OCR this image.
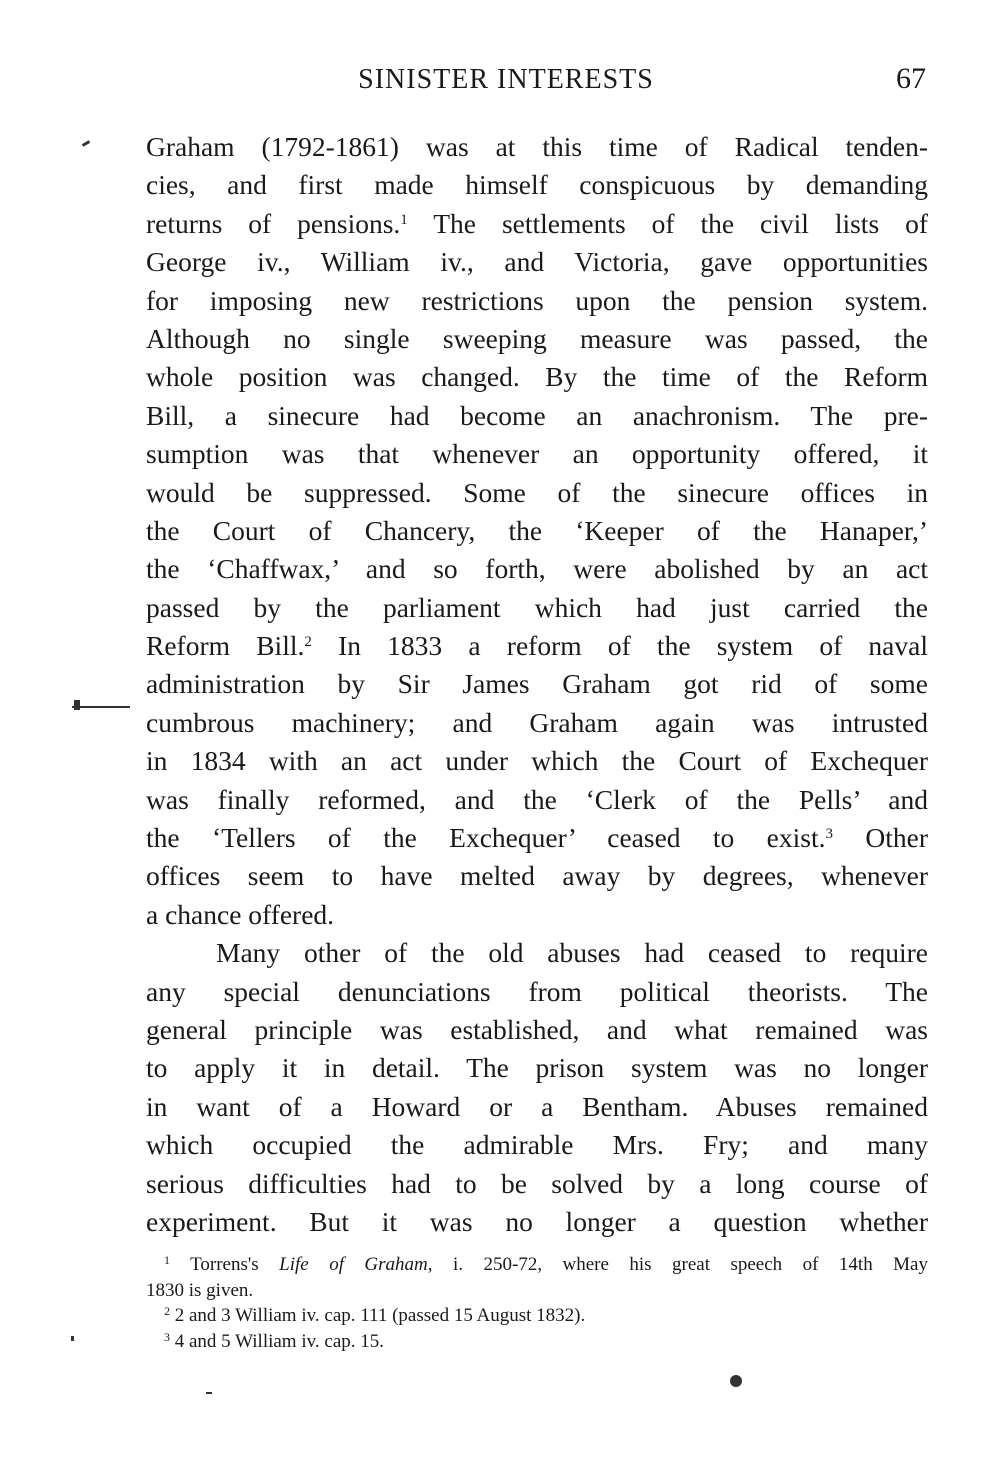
SINISTER INTERESTS	67
Graham (1792-1861) was at this time of Radical tenden-
cies, and first made himself conspicuous by demanding
returns of pensions.$^1$ The settlements of the civil lists of
George iv., William iv., and Victoria, gave opportunities
for imposing new restrictions upon the pension system.
Although no single sweeping measure was passed, the
whole position was changed. By the time of the Reform
Bill, a sinecure had become an anachronism. The pre-
sumption was that whenever an opportunity offered, it
would be suppressed. Some of the sinecure offices in
the Court of Chancery, the ‘Keeper of the Hanaper,’
the ‘Chaffwax,’ and so forth, were abolished by an act
passed by the parliament which had just carried the
Reform Bill.$^2$ In 1833 a reform of the system of naval
administration by Sir James Graham got rid of some
cumbrous machinery; and Graham again was intrusted
in 1834 with an act under which the Court of Exchequer
was finally reformed, and the ‘Clerk of the Pells’ and
the ‘Tellers of the Exchequer’ ceased to exist.$^3$ Other
offices seem to have melted away by degrees, whenever
a chance offered.
Many other of the old abuses had ceased to require
any special denunciations from political theorists. The
general principle was established, and what remained was
to apply it in detail. The prison system was no longer
in want of a Howard or a Bentham. Abuses remained
which occupied the admirable Mrs. Fry; and many
serious difficulties had to be solved by a long course of
experiment. But it was no longer a question whether
$^1$ Torrens's Life of Graham, i. 250-72, where his great speech of 14th May
1830 is given.
$^2$ 2 and 3 William iv. cap. 111 (passed 15 August 1832).
$^3$ 4 and 5 William iv. cap. 15.
